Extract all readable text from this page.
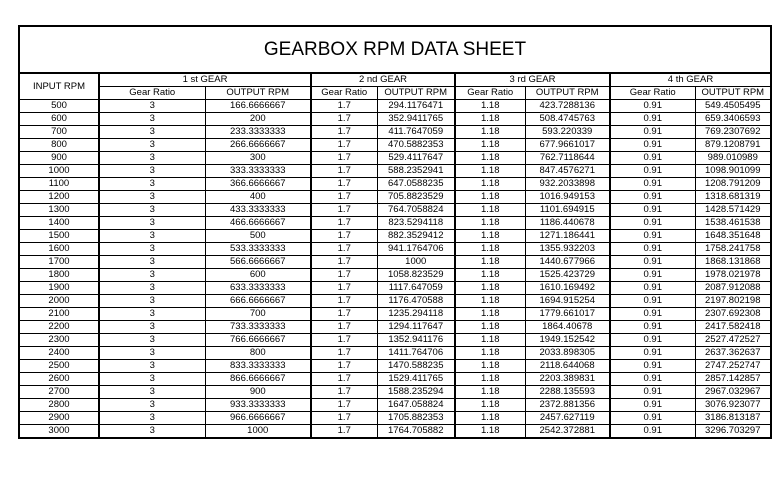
GEARBOX RPM DATA SHEET								
INPUT RPM	1 st GEAR		2 nd GEAR		3 rd GEAR		4 th GEAR	
	Gear Ratio	OUTPUT RPM	Gear Ratio	OUTPUT RPM	Gear Ratio	OUTPUT RPM	Gear Ratio	OUTPUT RPM
500	3	166.6666667	1.7	294.1176471	1.18	423.7288136	0.91	549.4505495
600	3	200	1.7	352.9411765	1.18	508.4745763	0.91	659.3406593
700	3	233.3333333	1.7	411.7647059	1.18	593.220339	0.91	769.2307692
800	3	266.6666667	1.7	470.5882353	1.18	677.9661017	0.91	879.1208791
900	3	300	1.7	529.4117647	1.18	762.7118644	0.91	989.010989
1000	3	333.3333333	1.7	588.2352941	1.18	847.4576271	0.91	1098.901099
1100	3	366.6666667	1.7	647.0588235	1.18	932.2033898	0.91	1208.791209
1200	3	400	1.7	705.8823529	1.18	1016.949153	0.91	1318.681319
1300	3	433.3333333	1.7	764.7058824	1.18	1101.694915	0.91	1428.571429
1400	3	466.6666667	1.7	823.5294118	1.18	1186.440678	0.91	1538.461538
1500	3	500	1.7	882.3529412	1.18	1271.186441	0.91	1648.351648
1600	3	533.3333333	1.7	941.1764706	1.18	1355.932203	0.91	1758.241758
1700	3	566.6666667	1.7	1000	1.18	1440.677966	0.91	1868.131868
1800	3	600	1.7	1058.823529	1.18	1525.423729	0.91	1978.021978
1900	3	633.3333333	1.7	1117.647059	1.18	1610.169492	0.91	2087.912088
2000	3	666.6666667	1.7	1176.470588	1.18	1694.915254	0.91	2197.802198
2100	3	700	1.7	1235.294118	1.18	1779.661017	0.91	2307.692308
2200	3	733.3333333	1.7	1294.117647	1.18	1864.40678	0.91	2417.582418
2300	3	766.6666667	1.7	1352.941176	1.18	1949.152542	0.91	2527.472527
2400	3	800	1.7	1411.764706	1.18	2033.898305	0.91	2637.362637
2500	3	833.3333333	1.7	1470.588235	1.18	2118.644068	0.91	2747.252747
2600	3	866.6666667	1.7	1529.411765	1.18	2203.389831	0.91	2857.142857
2700	3	900	1.7	1588.235294	1.18	2288.135593	0.91	2967.032967
2800	3	933.3333333	1.7	1647.058824	1.18	2372.881356	0.91	3076.923077
2900	3	966.6666667	1.7	1705.882353	1.18	2457.627119	0.91	3186.813187
3000	3	1000	1.7	1764.705882	1.18	2542.372881	0.91	3296.703297
